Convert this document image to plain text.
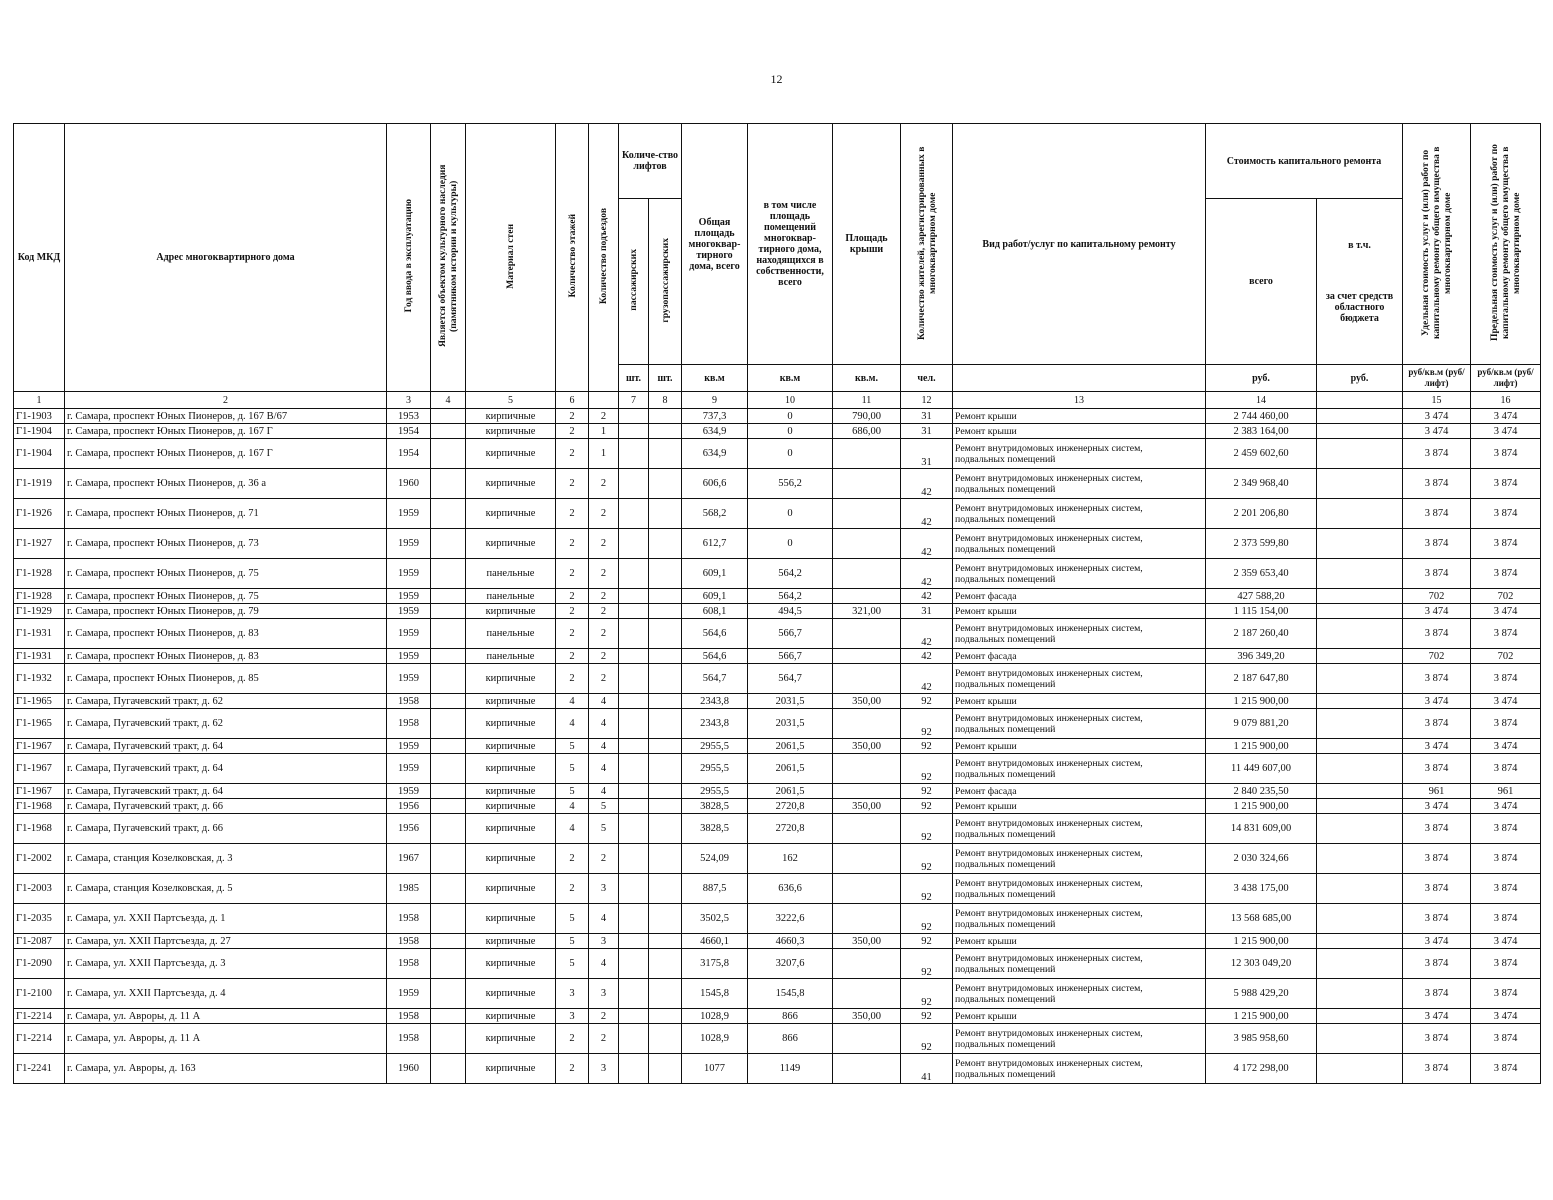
12
Код МКД	Адрес многоквартирного дома	Год ввода в эксплуатацию	Является объектом культурного наследия (памятником истории и культуры)	Материал стен	Количество этажей	Количество подъездов	Количе-ство лифтов		Общая площадь многоквар-тирного дома, всего	в том числе площадь помещений многоквар-тирного дома, находящихся в собственности, всего	Площадь крыши	Количество жителей, зарегистрированных в многоквартирном доме	Вид работ/услуг по капитальному ремонту	Стоимость капитального ремонта		Удельная стоимость услуг и (или) работ по капитальному ремонту общего имущества в многоквартирном доме	Предельная стоимость услуг и (или) работ по капитальному ремонту общего имущества в многоквартирном доме
							пассажирских	грузопассажирских						всего	в т.ч.
за счет средств областного бюджета		

							шт.	шт.	кв.м	кв.м	кв.м.	чел.		руб.	руб.	руб/кв.м (руб/лифт)	руб/кв.м (руб/лифт)
1	2	3	4	5	6		7	8	9	10	11	12	13	14		15	16
Г1-1903	г. Самара, проспект Юных Пионеров, д. 167 В/67	1953		кирпичные	2	2			737,3	0	790,00	31	Ремонт крыши	2 744 460,00		3 474	3 474
Г1-1904	г. Самара, проспект Юных Пионеров, д. 167 Г	1954		кирпичные	2	1			634,9	0	686,00	31	Ремонт крыши	2 383 164,00		3 474	3 474
Г1-1904	г. Самара, проспект Юных Пионеров, д. 167 Г	1954		кирпичные	2	1			634,9	0		31	Ремонт внутридомовых инженерных систем,
подвальных помещений	2 459 602,60		3 874	3 874
Г1-1919	г. Самара, проспект Юных Пионеров, д. 36 а	1960		кирпичные	2	2			606,6	556,2		42	Ремонт внутридомовых инженерных систем,
подвальных помещений	2 349 968,40		3 874	3 874
Г1-1926	г. Самара, проспект Юных Пионеров, д. 71	1959		кирпичные	2	2			568,2	0		42	Ремонт внутридомовых инженерных систем,
подвальных помещений	2 201 206,80		3 874	3 874
Г1-1927	г. Самара, проспект Юных Пионеров, д. 73	1959		кирпичные	2	2			612,7	0		42	Ремонт внутридомовых инженерных систем,
подвальных помещений	2 373 599,80		3 874	3 874
Г1-1928	г. Самара, проспект Юных Пионеров, д. 75	1959		панельные	2	2			609,1	564,2		42	Ремонт внутридомовых инженерных систем,
подвальных помещений	2 359 653,40		3 874	3 874
Г1-1928	г. Самара, проспект Юных Пионеров, д. 75	1959		панельные	2	2			609,1	564,2		42	Ремонт фасада	427 588,20		702	702
Г1-1929	г. Самара, проспект Юных Пионеров, д. 79	1959		кирпичные	2	2			608,1	494,5	321,00	31	Ремонт крыши	1 115 154,00		3 474	3 474
Г1-1931	г. Самара, проспект Юных Пионеров, д. 83	1959		панельные	2	2			564,6	566,7		42	Ремонт внутридомовых инженерных систем,
подвальных помещений	2 187 260,40		3 874	3 874
Г1-1931	г. Самара, проспект Юных Пионеров, д. 83	1959		панельные	2	2			564,6	566,7		42	Ремонт фасада	396 349,20		702	702
Г1-1932	г. Самара, проспект Юных Пионеров, д. 85	1959		кирпичные	2	2			564,7	564,7		42	Ремонт внутридомовых инженерных систем,
подвальных помещений	2 187 647,80		3 874	3 874
Г1-1965	г. Самара, Пугачевский тракт, д. 62	1958		кирпичные	4	4			2343,8	2031,5	350,00	92	Ремонт крыши	1 215 900,00		3 474	3 474
Г1-1965	г. Самара, Пугачевский тракт, д. 62	1958		кирпичные	4	4			2343,8	2031,5		92	Ремонт внутридомовых инженерных систем,
подвальных помещений	9 079 881,20		3 874	3 874
Г1-1967	г. Самара, Пугачевский тракт, д. 64	1959		кирпичные	5	4			2955,5	2061,5	350,00	92	Ремонт крыши	1 215 900,00		3 474	3 474
Г1-1967	г. Самара, Пугачевский тракт, д. 64	1959		кирпичные	5	4			2955,5	2061,5		92	Ремонт внутридомовых инженерных систем,
подвальных помещений	11 449 607,00		3 874	3 874
Г1-1967	г. Самара, Пугачевский тракт, д. 64	1959		кирпичные	5	4			2955,5	2061,5		92	Ремонт фасада	2 840 235,50		961	961
Г1-1968	г. Самара, Пугачевский тракт, д. 66	1956		кирпичные	4	5			3828,5	2720,8	350,00	92	Ремонт крыши	1 215 900,00		3 474	3 474
Г1-1968	г. Самара, Пугачевский тракт, д. 66	1956		кирпичные	4	5			3828,5	2720,8		92	Ремонт внутридомовых инженерных систем,
подвальных помещений	14 831 609,00		3 874	3 874
Г1-2002	г. Самара, станция Козелковская, д. 3	1967		кирпичные	2	2			524,09	162		92	Ремонт внутридомовых инженерных систем,
подвальных помещений	2 030 324,66		3 874	3 874
Г1-2003	г. Самара, станция Козелковская, д. 5	1985		кирпичные	2	3			887,5	636,6		92	Ремонт внутридомовых инженерных систем,
подвальных помещений	3 438 175,00		3 874	3 874
Г1-2035	г. Самара, ул. XXII Партсъезда, д. 1	1958		кирпичные	5	4			3502,5	3222,6		92	Ремонт внутридомовых инженерных систем,
подвальных помещений	13 568 685,00		3 874	3 874
Г1-2087	г. Самара, ул. XXII Партсъезда, д. 27	1958		кирпичные	5	3			4660,1	4660,3	350,00	92	Ремонт крыши	1 215 900,00		3 474	3 474
Г1-2090	г. Самара, ул. XXII Партсъезда, д. 3	1958		кирпичные	5	4			3175,8	3207,6		92	Ремонт внутридомовых инженерных систем,
подвальных помещений	12 303 049,20		3 874	3 874
Г1-2100	г. Самара, ул. XXII Партсъезда, д. 4	1959		кирпичные	3	3			1545,8	1545,8		92	Ремонт внутридомовых инженерных систем,
подвальных помещений	5 988 429,20		3 874	3 874
Г1-2214	г. Самара, ул. Авроры, д. 11 А	1958		кирпичные	3	2			1028,9	866	350,00	92	Ремонт крыши	1 215 900,00		3 474	3 474
Г1-2214	г. Самара, ул. Авроры, д. 11 А	1958		кирпичные	2	2			1028,9	866		92	Ремонт внутридомовых инженерных систем,
подвальных помещений	3 985 958,60		3 874	3 874
Г1-2241	г. Самара, ул. Авроры, д. 163	1960		кирпичные	2	3			1077	1149		41	Ремонт внутридомовых инженерных систем,
подвальных помещений	4 172 298,00		3 874	3 874
